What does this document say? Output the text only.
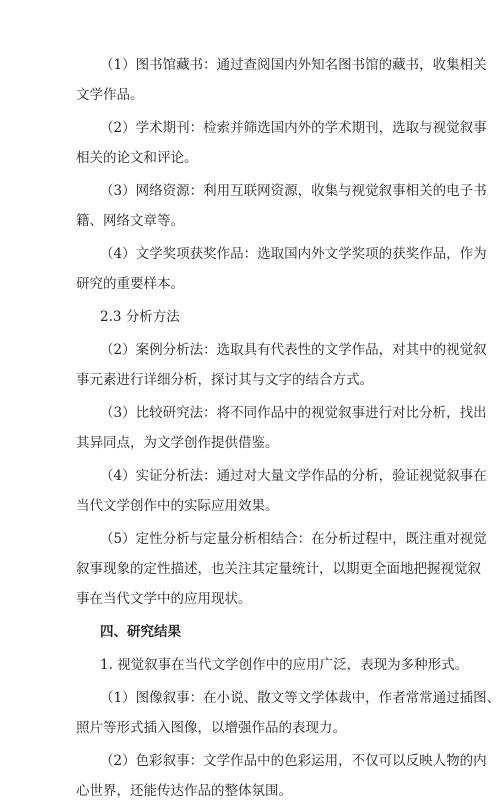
（1）图书馆藏书：通过查阅国内外知名图书馆的藏书，收集相关
文学作品。

（2）学术期刊：检索并筛选国内外的学术期刊，选取与视觉叙事
相关的论文和评论。

（3）网络资源：利用互联网资源，收集与视觉叙事相关的电子书
籍、网络文章等。

（4）文学奖项获奖作品：选取国内外文学奖项的获奖作品，作为
研究的重要样本。

2.3 分析方法

（2）案例分析法：选取具有代表性的文学作品，对其中的视觉叙
事元素进行详细分析，探讨其与文字的结合方式。

（3）比较研究法：将不同作品中的视觉叙事进行对比分析，找出
其异同点，为文学创作提供借鉴。

（4）实证分析法：通过对大量文学作品的分析，验证视觉叙事在
当代文学创作中的实际应用效果。

（5）定性分析与定量分析相结合：在分析过程中，既注重对视觉
叙事现象的定性描述，也关注其定量统计，以期更全面地把握视觉叙
事在当代文学中的应用现状。

四、研究结果

1. 视觉叙事在当代文学创作中的应用广泛，表现为多种形式。

（1）图像叙事：在小说、散文等文学体裁中，作者常常通过插图、
照片等形式插入图像，以增强作品的表现力。

（2）色彩叙事：文学作品中的色彩运用，不仅可以反映人物的内
心世界，还能传达作品的整体氛围。
